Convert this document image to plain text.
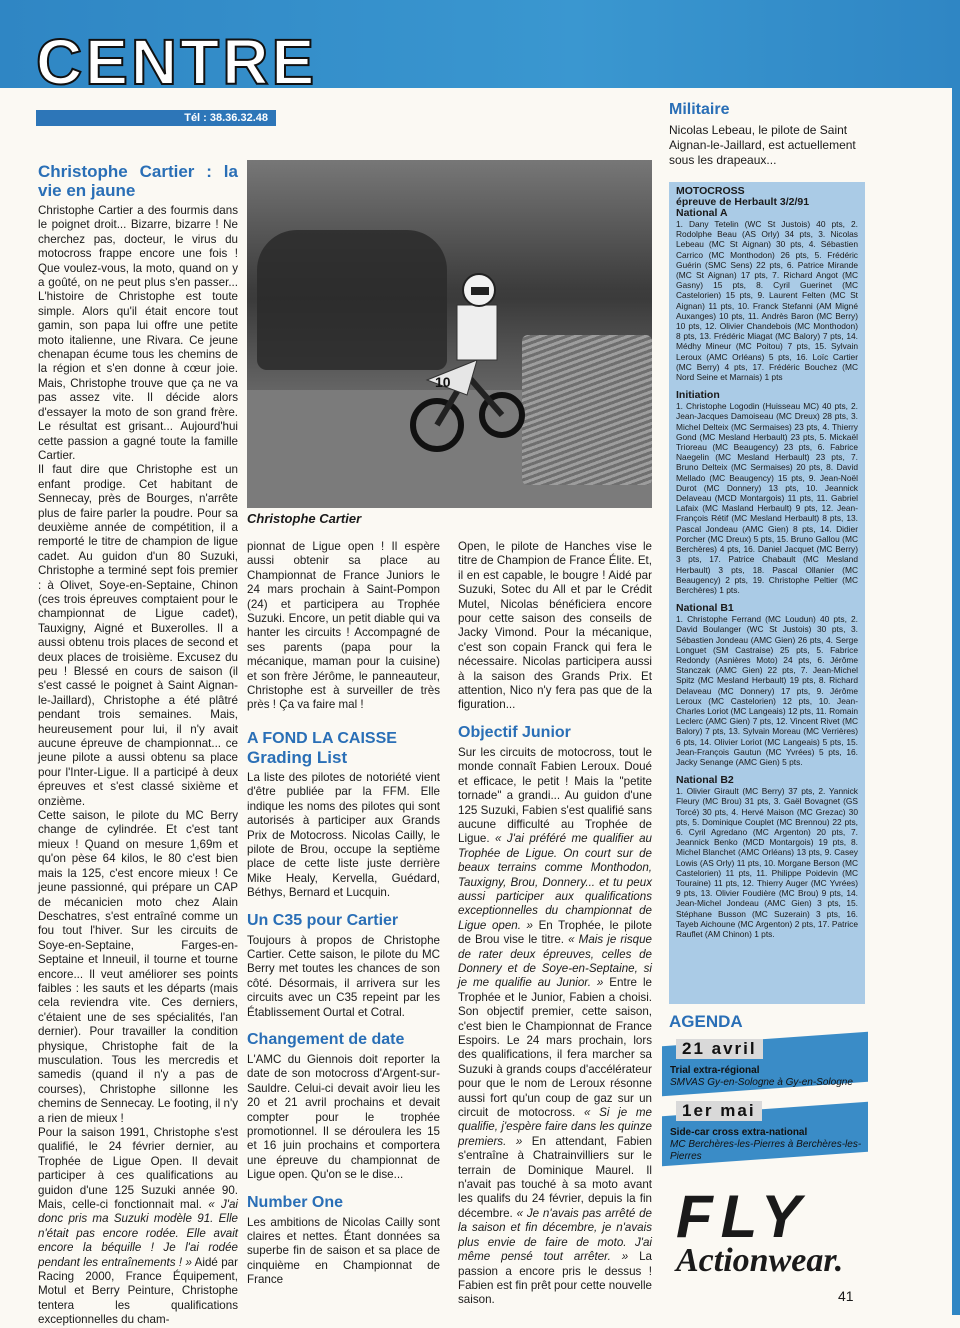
CENTRE
Tél : 38.36.32.48
Christophe Cartier : la vie en jaune

Christophe Cartier a des fourmis dans le poignet droit... Bizarre, bizarre ! Ne cherchez pas, docteur, le virus du motocross frappe encore une fois ! Que voulez-vous, la moto, quand on y a goûté, on ne peut plus s'en passer... L'histoire de Christophe est toute simple. Alors qu'il était encore tout gamin, son papa lui offre une petite moto italienne, une Rivara. Ce jeune chenapan écume tous les chemins de la région et s'en donne à cœur joie. Mais, Christophe trouve que ça ne va pas assez vite. Il décide alors d'essayer la moto de son grand frère. Le résultat est grisant... Aujourd'hui cette passion a gagné toute la famille Cartier.

Il faut dire que Christophe est un enfant prodige. Cet habitant de Sennecay, près de Bourges, n'arrête plus de faire parler la poudre. Pour sa deuxième année de compétition, il a remporté le titre de champion de ligue cadet. Au guidon d'un 80 Suzuki, Christophe a terminé sept fois premier : à Olivet, Soye-en-Septaine, Chinon (ces trois épreuves comptaient pour le championnat de Ligue cadet), Tauxigny, Aigné et Buxerolles. Il a aussi obtenu trois places de second et deux places de troisième. Excusez du peu ! Blessé en cours de saison (il s'est cassé le poignet à Saint Aignan-le-Jaillard), Christophe a été plâtré pendant trois semaines. Mais, heureusement pour lui, il n'y avait aucune épreuve de championnat... ce jeune pilote a aussi obtenu sa place pour l'Inter-Ligue. Il a participé à deux épreuves et s'est classé sixième et onzième.

Cette saison, le pilote du MC Berry change de cylindrée. Et c'est tant mieux ! Quand on mesure 1,69m et qu'on pèse 64 kilos, le 80 c'est bien mais la 125, c'est encore mieux ! Ce jeune passionné, qui prépare un CAP de mécanicien moto chez Alain Deschatres, s'est entraîné comme un fou tout l'hiver. Sur les circuits de Soye-en-Septaine, Farges-en-Septaine et Inneuil, il tourne et tourne encore... Il veut améliorer ses points faibles : les sauts et les départs (mais cela reviendra vite. Ces derniers, c'étaient une de ses spécialités, l'an dernier). Pour travailler la condition physique, Christophe fait de la musculation. Tous les mercredis et samedis (quand il n'y a pas de courses), Christophe sillonne les chemins de Sennecay. Le footing, il n'y a rien de mieux !

Pour la saison 1991, Christophe s'est qualifié, le 24 février dernier, au Trophée de Ligue Open. Il devait participer à ces qualifications au guidon d'une 125 Suzuki année 90. Mais, celle-ci fonctionnait mal. « J'ai donc pris ma Suzuki modèle 91. Elle n'était pas encore rodée. Elle avait encore la béquille ! Je l'ai rodée pendant les entraînements ! » Aidé par Racing 2000, France Équipement, Motul et Berry Peinture, Christophe tentera les qualifications exceptionnelles du cham-

10
Christophe Cartier

pionnat de Ligue open ! Il espère aussi obtenir sa place au Championnat de France Juniors le 24 mars prochain à Saint-Pompon (24) et participera au Trophée Suzuki. Encore, un petit diable qui va hanter les circuits ! Accompagné de ses parents (papa pour la mécanique, maman pour la cuisine) et son frère Jérôme, le panneauteur, Christophe est à surveiller de très près ! Ça va faire mal !

A FOND LA CAISSE
Grading List

La liste des pilotes de notoriété vient d'être publiée par la FFM. Elle indique les noms des pilotes qui sont autorisés à participer aux Grands Prix de Motocross. Nicolas Cailly, le pilote de Brou, occupe la septième place de cette liste juste derrière Mike Healy, Kervella, Guédard, Béthys, Bernard et Lucquin.

Un C35 pour Cartier

Toujours à propos de Christophe Cartier. Cette saison, le pilote du MC Berry met toutes les chances de son côté. Désormais, il arrivera sur les circuits avec un C35 repeint par les Établissement Ourtal et Cotral.

Changement de date

L'AMC du Giennois doit reporter la date de son motocross d'Argent-sur-Sauldre. Celui-ci devait avoir lieu les 20 et 21 avril prochains et devait compter pour le trophée promotionnel. Il se déroulera les 15 et 16 juin prochains et comportera une épreuve du championnat de Ligue open. Qu'on se le dise...

Number One

Les ambitions de Nicolas Cailly sont claires et nettes. Étant données sa superbe fin de saison et sa place de cinquième en Championnat de France

Open, le pilote de Hanches vise le titre de Champion de France Élite. Et, il en est capable, le bougre ! Aidé par Suzuki, Sotec du All et par le Crédit Mutel, Nicolas bénéficiera encore pour cette saison des conseils de Jacky Vimond. Pour la mécanique, c'est son copain Franck qui fera le nécessaire. Nicolas participera aussi à la saison des Grands Prix. Et attention, Nico n'y fera pas que de la figuration...

Objectif Junior

Sur les circuits de motocross, tout le monde connaît Fabien Leroux. Doué et efficace, le petit ! Mais la "petite tornade" a grandi... Au guidon d'une 125 Suzuki, Fabien s'est qualifié sans aucune difficulté au Trophée de Ligue. « J'ai préféré me qualifier au Trophée de Ligue. On court sur de beaux terrains comme Monthodon, Tauxigny, Brou, Donnery... et tu peux aussi participer aux qualifications exceptionnelles du championnat de Ligue open. » En Trophée, le pilote de Brou vise le titre. « Mais je risque de rater deux épreuves, celles de Donnery et de Soye-en-Septaine, si je me qualifie au Junior. » Entre le Trophée et le Junior, Fabien a choisi. Son objectif premier, cette saison, c'est bien le Championnat de France Espoirs. Le 24 mars prochain, lors des qualifications, il fera marcher sa Suzuki à grands coups d'accélérateur pour que le nom de Leroux résonne aussi fort qu'un coup de gaz sur un circuit de motocross. « Si je me qualifie, j'espère faire dans les quinze premiers. » En attendant, Fabien s'entraîne à Chatrainvilliers sur le terrain de Dominique Maurel. Il n'avait pas touché à sa moto avant les qualifs du 24 février, depuis la fin décembre. « Je n'avais pas arrêté de la saison et fin décembre, je n'avais plus envie de faire de moto. J'ai même pensé tout arrêter. » La passion a encore pris le dessus ! Fabien est fin prêt pour cette nouvelle saison.

Militaire

Nicolas Lebeau, le pilote de Saint Aignan-le-Jaillard, est actuellement sous les drapeaux...

MOTOCROSS
épreuve de Herbault 3/2/91
National A
1. Dany Tetelin (WC St Justois) 40 pts, 2. Rodolphe Beau (AS Orly) 34 pts, 3. Nicolas Lebeau (MC St Aignan) 30 pts, 4. Sébastien Carrico (MC Monthodon) 26 pts, 5. Frédéric Guérin (SMC Sens) 22 pts, 6. Patrice Mirande (MC St Aignan) 17 pts, 7. Richard Angot (MC Gasny) 15 pts, 8. Cyril Guerinet (MC Castelorien) 15 pts, 9. Laurent Felten (MC St Aignan) 11 pts, 10. Franck Stefanni (AM Migné Auxanges) 10 pts, 11. Andrès Baron (MC Berry) 10 pts, 12. Olivier Chandebois (MC Monthodon) 8 pts, 13. Frédéric Miagat (MC Balory) 7 pts, 14. Médhy Mineur (MC Poitou) 7 pts, 15. Sylvain Leroux (AMC Orléans) 5 pts, 16. Loïc Cartier (MC Berry) 4 pts, 17. Frédéric Bouchez (MC Nord Seine et Marnais) 1 pts
Initiation
1. Christophe Logodin (Huisseau MC) 40 pts, 2. Jean-Jacques Damoiseau (MC Dreux) 28 pts, 3. Michel Delteix (MC Sermaises) 23 pts, 4. Thierry Gond (MC Mesland Herbault) 23 pts, 5. Mickaël Trioreau (MC Beaugency) 23 pts, 6. Fabrice Naegelin (MC Mesland Herbault) 23 pts, 7. Bruno Delteix (MC Sermaises) 20 pts, 8. David Mellado (MC Beaugency) 15 pts, 9. Jean-Noël Durot (MC Donnery) 13 pts, 10. Jeannick Delaveau (MCD Montargois) 11 pts, 11. Gabriel Lafaix (MC Masland Herbault) 9 pts, 12. Jean-François Rétif (MC Mesland Herbault) 8 pts, 13. Pascal Jondeau (AMC Gien) 8 pts, 14. Didier Porcher (MC Dreux) 5 pts, 15. Bruno Gallou (MC Berchères) 4 pts, 16. Daniel Jacquet (MC Berry) 3 pts, 17. Patrice Chabault (MC Mesland Herbault) 3 pts, 18. Pascal Ollanier (MC Beaugency) 2 pts, 19. Christophe Peltier (MC Berchères) 1 pts.
National B1
1. Christophe Ferrand (MC Loudun) 40 pts, 2. David Boulanger (WC St Justois) 30 pts, 3. Sébastien Jondeau (AMC Gien) 26 pts, 4. Serge Longuet (SM Castraise) 25 pts, 5. Fabrice Redondy (Asnières Moto) 24 pts, 6. Jérôme Stanczak (AMC Gien) 22 pts, 7. Jean-Michel Spitz (MC Mesland Herbault) 19 pts, 8. Richard Delaveau (MC Donnery) 17 pts, 9. Jérôme Leroux (MC Castelorien) 12 pts, 10. Jean-Charles Loriot (MC Langeais) 12 pts, 11. Romain Leclerc (AMC Gien) 7 pts, 12. Vincent Rivet (MC Balory) 7 pts, 13. Sylvain Moreau (MC Verrières) 6 pts, 14. Olivier Loriot (MC Langeais) 5 pts, 15. Jean-François Gautun (MC Yvrées) 5 pts, 16. Jacky Senange (AMC Gien) 5 pts.
National B2
1. Olivier Girault (MC Berry) 37 pts, 2. Yannick Fleury (MC Brou) 31 pts, 3. Gaël Bovagnet (GS Torcé) 30 pts, 4. Hervé Maison (MC Grezac) 30 pts, 5. Dominique Couplet (MC Brennou) 22 pts, 6. Cyril Agredano (MC Argenton) 20 pts, 7. Jeannick Benko (MCD Montargois) 19 pts, 8. Michel Blanchet (AMC Orléans) 13 pts, 9. Casey Lowis (AS Orly) 11 pts, 10. Morgane Berson (MC Castelorien) 11 pts, 11. Philippe Poidevin (MC Touraine) 11 pts, 12. Thierry Auger (MC Yvrées) 9 pts, 13. Olivier Foudière (MC Brou) 9 pts, 14. Jean-Michel Jondeau (AMC Gien) 3 pts, 15. Stéphane Busson (MC Suzerain) 3 pts, 16. Tayeb Aichoune (MC Argenton) 2 pts, 17. Patrice Rauflet (AM Chinon) 1 pts.
AGENDA
21 avril
Trial extra-régional
SMVAS Gy-en-Sologne à Gy-en-Sologne
1er mai
Side-car cross extra-national
MC Berchères-les-Pierres à Berchères-les-Pierres
FLY
Actionwear.
41
